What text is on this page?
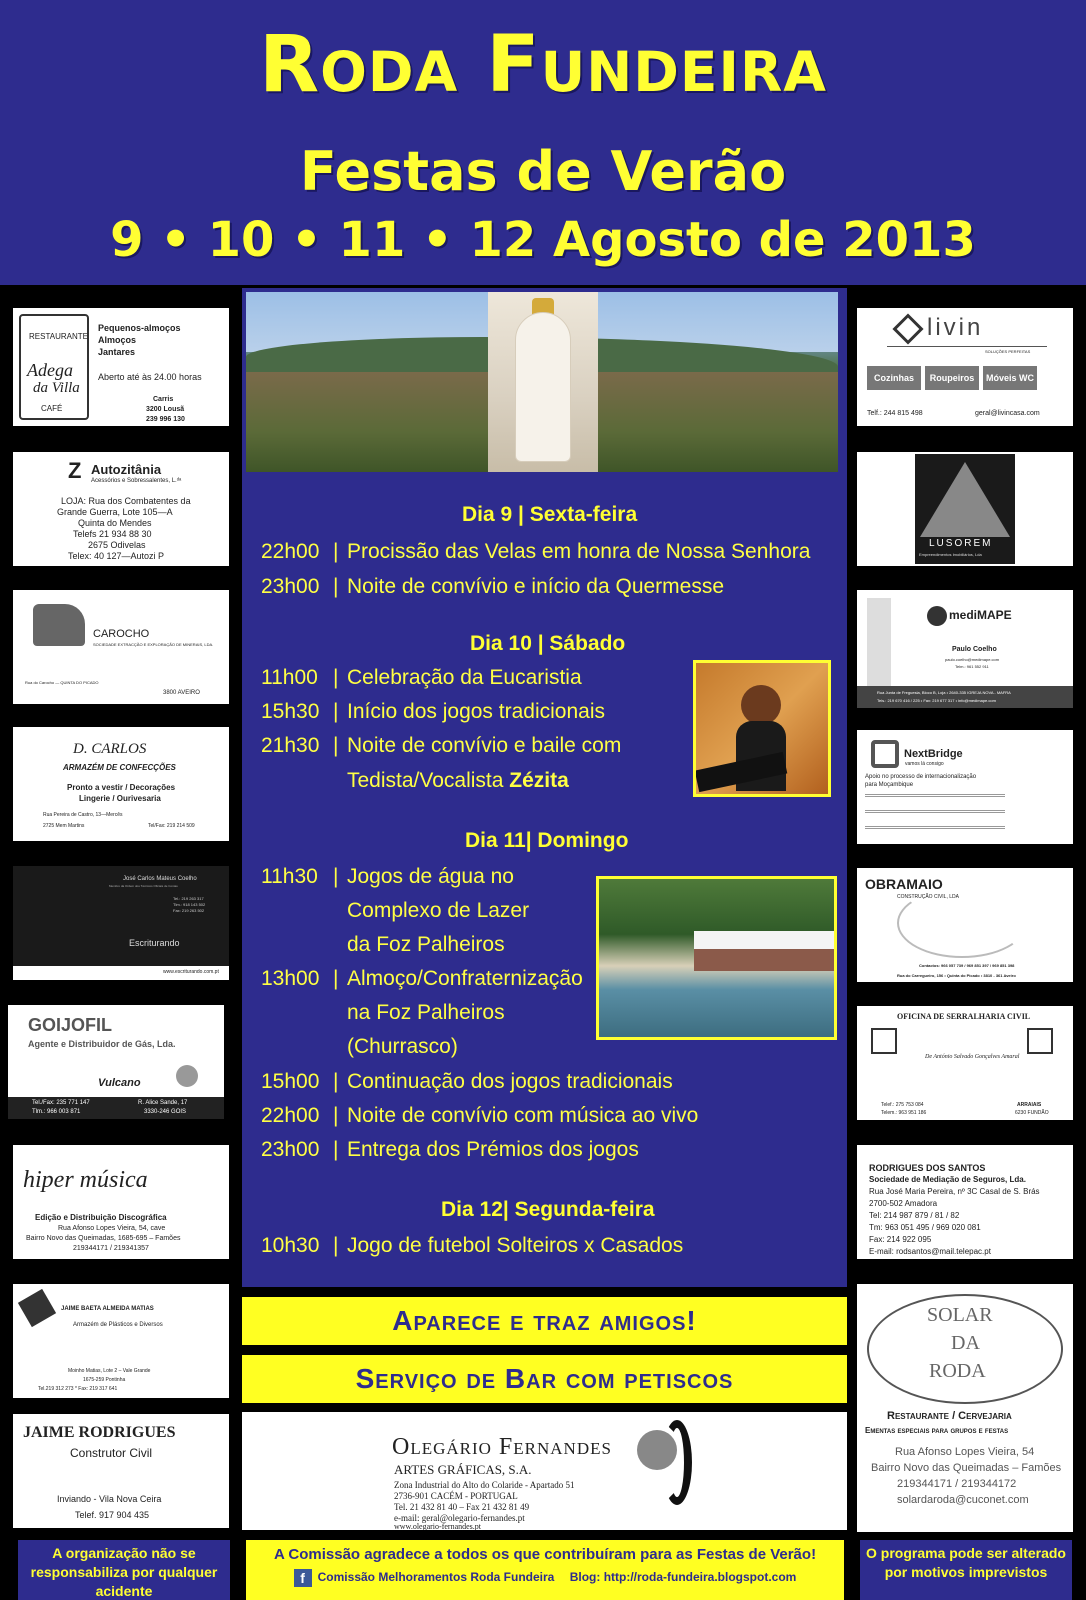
Roda Fundeira
Festas de Verão
9 • 10 • 11 • 12 Agosto de 2013
Dia 9 | Sexta-feira
22h00 | Procissão das Velas em honra de Nossa Senhora
23h00 | Noite de convívio e início da Quermesse
Dia 10 | Sábado
11h00 | Celebração da Eucaristia
15h30 | Início dos jogos tradicionais
21h30 | Noite de convívio e baile com
Tedista/Vocalista Zézita
Dia 11| Domingo
11h30 | Jogos de água no
Complexo de Lazer
da Foz Palheiros
13h00 | Almoço/Confraternização
na Foz Palheiros
(Churrasco)
15h00 | Continuação dos jogos tradicionais
22h00 | Noite de convívio com música ao vivo
23h00 | Entrega dos Prémios dos jogos
Dia 12| Segunda-feira
10h30 | Jogo de futebol Solteiros x Casados
Aparece e traz amigos!
Serviço de Bar com petiscos
Olegário Fernandes
ARTES GRÁFICAS, S.A.
Zona Industrial do Alto do Colaride - Apartado 51
2736-901 CACÉM - PORTUGAL
Tel. 21 432 81 40 – Fax 21 432 81 49
e-mail: geral@olegario-fernandes.pt
www.olegario-fernandes.pt
RESTAURANTE
Adega
da Villa
CAFÉ
Pequenos-almoços
Almoços
Jantares
Aberto até às 24.00 horas
Carris
3200 Lousã
239 996 130
Z Autozitânia
Acessórios e Sobressalentes, L.ᵈᵃ
LOJA: Rua dos Combatentes da
Grande Guerra, Lote 105—A
Quinta do Mendes
Telefs 21 934 88 30
2675 Odivelas
Telex: 40 127—Autozi P
CAROCHO
SOCIEDADE EXTRACÇÃO E EXPLORAÇÃO DE MINERAIS, LDA.
Rua do Carocho — QUINTA DO PICADO
3800 AVEIRO
D. CARLOS
ARMAZÉM DE CONFECÇÕES
Pronto a vestir / Decorações
Lingerie / Ourivesaria
Rua Pereira de Castro, 13—Mercês
2725 Mem Martins	Tel/Fax: 219 214 509
José Carlos Mateus Coelho
Membro da Ordem dos Técnicos Oficiais de Contas
Tel.: 219 263 317
Tlm.: 918 143 502
Fax: 219 263 502
Escriturando
www.escriturando.com.pt
GOIJOFIL
Agente e Distribuidor de Gás, Lda.
Vulcano
Tel./Fax: 235 771 147
Tlm.: 966 003 871
R. Alice Sande, 17
3330-246 GOIS
hiper música
Edição e Distribuição Discográfica
Rua Afonso Lopes Vieira, 54, cave
Bairro Novo das Queimadas, 1685-695 – Famões
219344171 / 219341357
JAIME BAETA ALMEIDA MATIAS
Armazém de Plásticos e Diversos
Moinho Matias, Lote 2 – Vale Grande
1675-259 Pontinha
Tel.219 312 273 * Fax: 219 317 641
JAIME RODRIGUES
Construtor Civil
Inviando - Vila Nova Ceira
Telef. 917 904 435
livin
SOLUÇÕES PERFEITAS
Cozinhas	Roupeiros	Móveis WC
Telf.: 244 815 498	geral@livincasa.com
LUSOREM
Empreendimentos Imobiliários, Lda
mediMAPE
Paulo Coelho
paulo.coelho@medimape.com
Telm.: 961 552 911
Rua Junta de Freguesia, Bloco B, Loja • 2640-335 IGREJA NOVA - MAFRA
Tels.: 219 670 416 / 225 • Fax: 219 677 317 • info@medimape.com
NextBridge
vamos lá consigo
Apoio no processo de internacionalização
para Moçambique
OBRAMAIO
CONSTRUÇÃO CIVIL, LDA
Contactos: 966 057 739 / 969 851 397 / 969 851 398
Rua do Carregueiro, 156 • Quinta do Picado • 3810 - 361 Aveiro
OFICINA DE SERRALHARIA CIVIL
De António Salvado Gonçalves Amaral
Telef.: 275 753 084
Telem.: 963 951 186
ARRAIAIS
6230 FUNDÃO
RODRIGUES DOS SANTOS
Sociedade de Mediação de Seguros, Lda.
Rua José Maria Pereira, nº 3C Casal de S. Brás
2700-502 Amadora
Tel: 214 987 879 / 81 / 82
Tm: 963 051 495 / 969 020 081
Fax: 214 922 095
E-mail: rodsantos@mail.telepac.pt
SOLAR
DA
RODA
Restaurante / Cervejaria
Ementas especiais para grupos e festas
Rua Afonso Lopes Vieira, 54
Bairro Novo das Queimadas – Famões
219344171 / 219344172
solardaroda@cuconet.com
A organização não se responsabiliza por qualquer acidente
A Comissão agradece a todos os que contribuíram para as Festas de Verão!
f Comissão Melhoramentos Roda Fundeira Blog: http://roda-fundeira.blogspot.com
O programa pode ser alterado por motivos imprevistos
